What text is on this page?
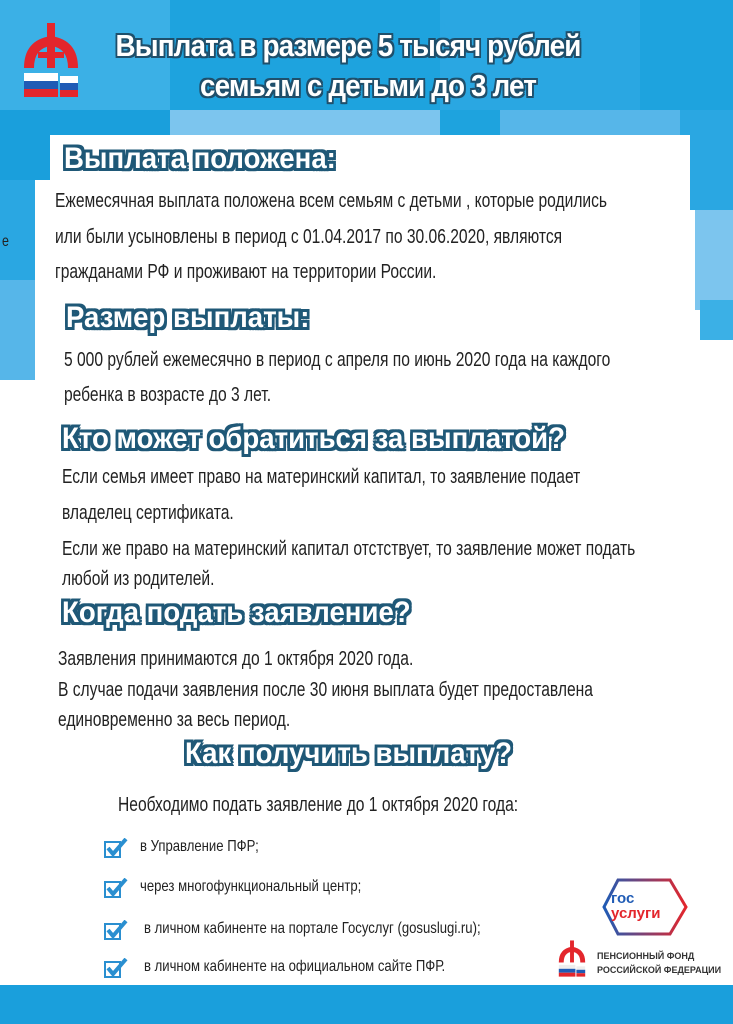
Выплата в размере 5 тысяч рублей
семьям с детьми до 3 лет
е
Выплата положена:
Ежемесячная выплата положена всем семьям с детьми , которые родились
или были усыновлены в период с 01.04.2017 по 30.06.2020, являются
гражданами РФ и проживают на территории России.
Размер выплаты:
5 000 рублей ежемесячно в период с апреля по июнь 2020 года на каждого
ребенка в возрасте до 3 лет.
Кто может обратиться за выплатой?
Если семья имеет право на материнский капитал, то заявление подает
владелец сертификата.
Если же право на материнский капитал отстствует, то заявление может подать
любой из родителей.
Когда подать заявление?
Заявления принимаются до 1 октября 2020 года.
В случае подачи заявления после 30 июня выплата будет предоставлена
единовременно за весь период.
Как получить выплату?
Необходимо подать заявление до 1 октября 2020 года:
в Управление ПФР;
через многофункциональный центр;
в личном кабиненте на портале Госуслуг (gosuslugi.ru);
в личном кабиненте на официальном сайте ПФР.
гос
услуги
ПЕНСИОННЫЙ ФОНД
РОССИЙСКОЙ ФЕДЕРАЦИИ
